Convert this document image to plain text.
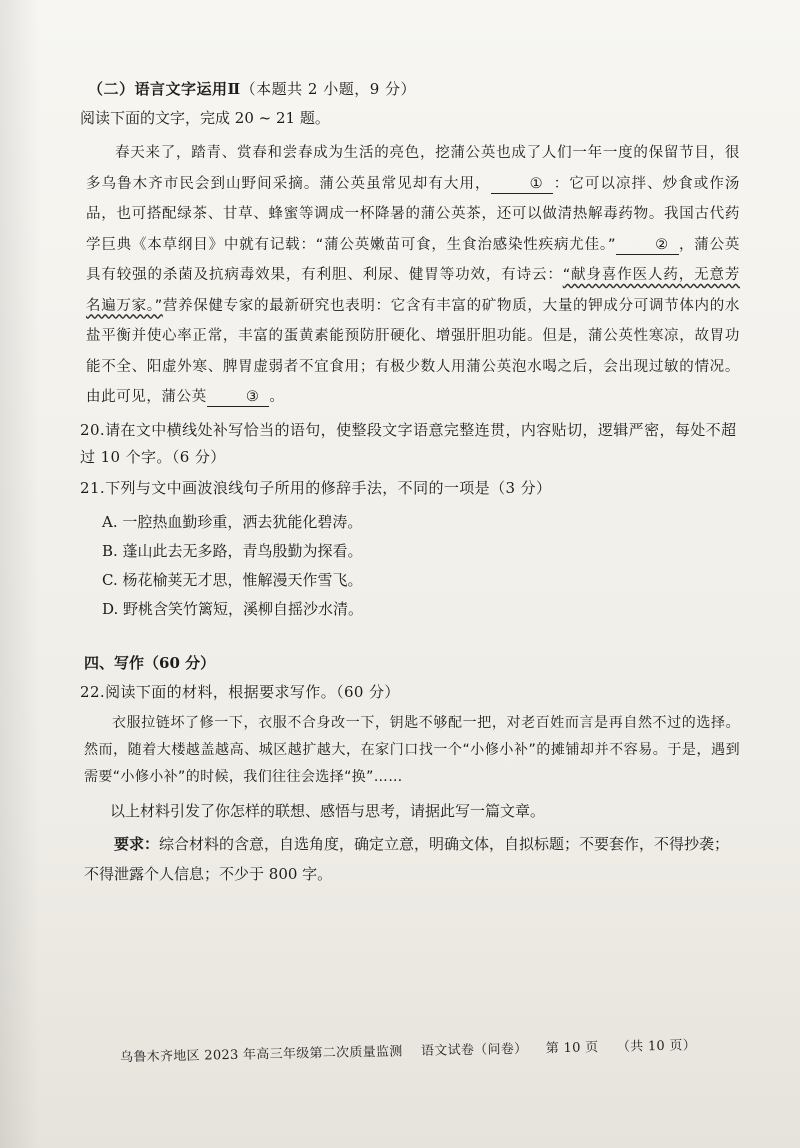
（二）语言文字运用Ⅱ（本题共 2 小题，9 分）
阅读下面的文字，完成 20 ~ 21 题。
春天来了，踏青、赏春和尝春成为生活的亮色，挖蒲公英也成了人们一年一度的保留节目，很多乌鲁木齐市民会到山野间采摘。蒲公英虽常见却有大用，	① ：它可以凉拌、炒食或作汤品，也可搭配绿茶、甘草、蜂蜜等调成一杯降暑的蒲公英茶，还可以做清热解毒药物。我国古代药学巨典《本草纲目》中就有记载：“蒲公英嫩苗可食，生食治感染性疾病尤佳。”	② ，蒲公英具有较强的杀菌及抗病毒效果，有利胆、利尿、健胃等功效，有诗云：“献身喜作医人药，无意芳名遍万家。”营养保健专家的最新研究也表明：它含有丰富的矿物质，大量的钾成分可调节体内的水盐平衡并使心率正常，丰富的蛋黄素能预防肝硬化、增强肝胆功能。但是，蒲公英性寒凉，故胃功能不全、阳虚外寒、脾胃虚弱者不宜食用；有极少数人用蒲公英泡水喝之后，会出现过敏的情况。由此可见，蒲公英	③ 。
20.请在文中横线处补写恰当的语句，使整段文字语意完整连贯，内容贴切，逻辑严密，每处不超过 10 个字。（6 分）
21.下列与文中画波浪线句子所用的修辞手法，不同的一项是（3 分）
A. 一腔热血勤珍重，洒去犹能化碧涛。
B. 蓬山此去无多路，青鸟殷勤为探看。
C. 杨花榆荚无才思，惟解漫天作雪飞。
D. 野桃含笑竹篱短，溪柳自摇沙水清。
四、写作（60 分）
22.阅读下面的材料，根据要求写作。（60 分）
衣服拉链坏了修一下，衣服不合身改一下，钥匙不够配一把，对老百姓而言是再自然不过的选择。然而，随着大楼越盖越高、城区越扩越大，在家门口找一个“小修小补”的摊铺却并不容易。于是，遇到需要“小修小补”的时候，我们往往会选择“换”……
以上材料引发了你怎样的联想、感悟与思考，请据此写一篇文章。
要求：综合材料的含意，自选角度，确定立意，明确文体，自拟标题；不要套作，不得抄袭；不得泄露个人信息；不少于 800 字。
乌鲁木齐地区 2023 年高三年级第二次质量监测 语文试卷（问卷） 第 10 页 （共 10 页）
